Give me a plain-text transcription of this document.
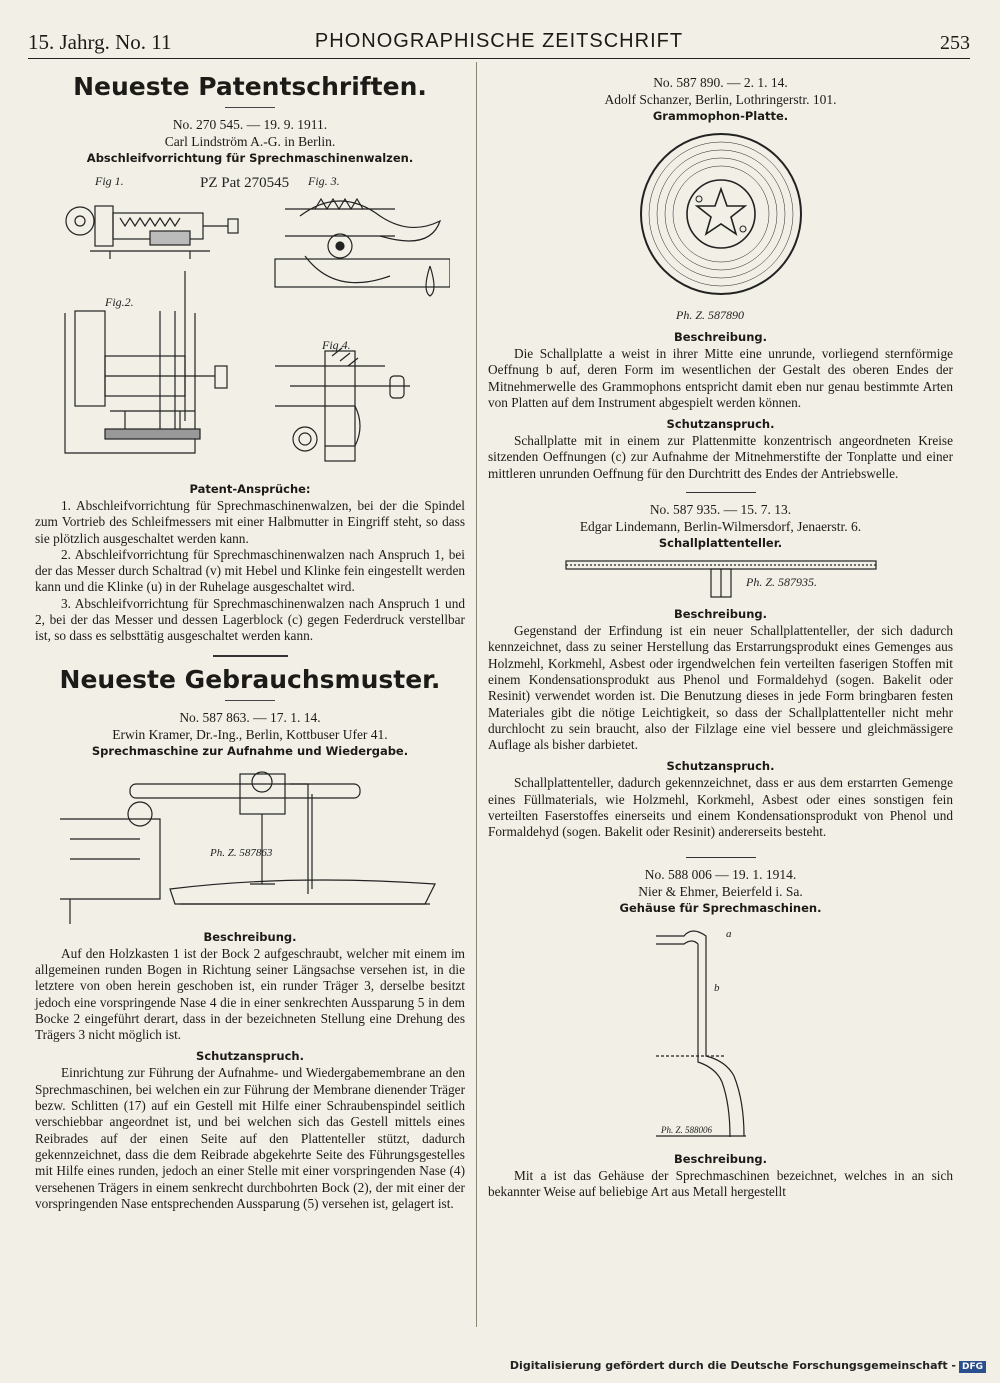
15. Jahrg. No. 11	PHONOGRAPHISCHE ZEITSCHRIFT	253
Neueste Patentschriften.
No. 270 545. — 19. 9. 1911.
Carl Lindström A.-G. in Berlin.
Abschleifvorrichtung für Sprechmaschinenwalzen.
Fig 1.	PZ Pat 270545 Fig. 3.
Fig.2.
Fig 4.
Patent-Ansprüche:

1. Abschleifvorrichtung für Sprechmaschinenwalzen, bei der die Spindel zum Vortrieb des Schleifmessers mit einer Halbmutter in Eingriff steht, so dass sie plötzlich ausgeschaltet werden kann.

2. Abschleifvorrichtung für Sprechmaschinenwalzen nach Anspruch 1, bei der das Messer durch Schaltrad (v) mit Hebel und Klinke fein eingestellt werden kann und die Klinke (u) in der Ruhelage ausgeschaltet wird.

3. Abschleifvorrichtung für Sprechmaschinenwalzen nach Anspruch 1 und 2, bei der das Messer und dessen Lagerblock (c) gegen Federdruck verstellbar ist, so dass es selbsttätig ausgeschaltet werden kann.

Neueste Gebrauchsmuster.
No. 587 863. — 17. 1. 14.
Erwin Kramer, Dr.-Ing., Berlin, Kottbuser Ufer 41.
Sprechmaschine zur Aufnahme und Wiedergabe.
Ph. Z. 587863
Beschreibung.

Auf den Holzkasten 1 ist der Bock 2 aufgeschraubt, welcher mit einem im allgemeinen runden Bogen in Richtung seiner Längsachse versehen ist, in die letztere von oben herein geschoben ist, ein runder Träger 3, derselbe besitzt jedoch eine vorspringende Nase 4 die in einer senkrechten Aussparung 5 in dem Bocke 2 eingeführt derart, dass in der bezeichneten Stellung eine Drehung des Trägers 3 nicht möglich ist.

Schutzanspruch.

Einrichtung zur Führung der Aufnahme- und Wiedergabemembrane an den Sprechmaschinen, bei welchen ein zur Führung der Membrane dienender Träger bezw. Schlitten (17) auf ein Gestell mit Hilfe einer Schraubenspindel seitlich verschiebbar angeordnet ist, und bei welchen sich das Gestell mittels eines Reibrades auf der einen Seite auf den Plattenteller stützt, dadurch gekennzeichnet, dass die dem Reibrade abgekehrte Seite des Führungsgestelles mit Hilfe eines runden, jedoch an einer Stelle mit einer vorspringenden Nase (4) versehenen Trägers in einem senkrecht durchbohrten Bock (2), der mit einer der vorspringenden Nase entsprechenden Aussparung (5) versehen ist, gelagert ist.

No. 587 890. — 2. 1. 14.
Adolf Schanzer, Berlin, Lothringerstr. 101.
Grammophon-Platte.
Ph. Z. 587890
Beschreibung.

Die Schallplatte a weist in ihrer Mitte eine unrunde, vorliegend sternförmige Oeffnung b auf, deren Form im wesentlichen der Gestalt des oberen Endes der Mitnehmerwelle des Grammophons entspricht damit eben nur genau bestimmte Arten von Platten auf dem Instrument abgespielt werden können.

Schutzanspruch.

Schallplatte mit in einem zur Plattenmitte konzentrisch angeordneten Kreise sitzenden Oeffnungen (c) zur Aufnahme der Mitnehmerstifte der Tonplatte und einer mittleren unrunden Oeffnung für den Durchtritt des Endes der Antriebswelle.

No. 587 935. — 15. 7. 13.
Edgar Lindemann, Berlin-Wilmersdorf, Jenaerstr. 6.
Schallplattenteller.
Ph. Z. 587935.
Beschreibung.

Gegenstand der Erfindung ist ein neuer Schallplattenteller, der sich dadurch kennzeichnet, dass zu seiner Herstellung das Erstarrungsprodukt eines Gemenges aus Holzmehl, Korkmehl, Asbest oder irgendwelchen fein verteilten faserigen Stoffen mit einem Kondensationsprodukt aus Phenol und Formaldehyd (sogen. Bakelit oder Resinit) verwendet worden ist. Die Benutzung dieses in jede Form bringbaren festen Materiales gibt die nötige Leichtigkeit, so dass der Schallplattenteller nicht mehr durchlocht zu sein braucht, also der Filzlage eine viel bessere und gleichmässigere Auflage als bisher darbietet.

Schutzanspruch.

Schallplattenteller, dadurch gekennzeichnet, dass er aus dem erstarrten Gemenge eines Füllmaterials, wie Holzmehl, Korkmehl, Asbest oder eines sonstigen fein verteilten Faserstoffes einerseits und einem Kondensationsprodukt von Phenol und Formaldehyd (sogen. Bakelit oder Resinit) andererseits besteht.

No. 588 006 — 19. 1. 1914.
Nier & Ehmer, Beierfeld i. Sa.
Gehäuse für Sprechmaschinen.
a
b
Ph. Z. 588006
Beschreibung.

Mit a ist das Gehäuse der Sprechmaschinen bezeichnet, welches in an sich bekannter Weise auf beliebige Art aus Metall hergestellt

Digitalisierung gefördert durch die Deutsche Forschungsgemeinschaft - DFG
